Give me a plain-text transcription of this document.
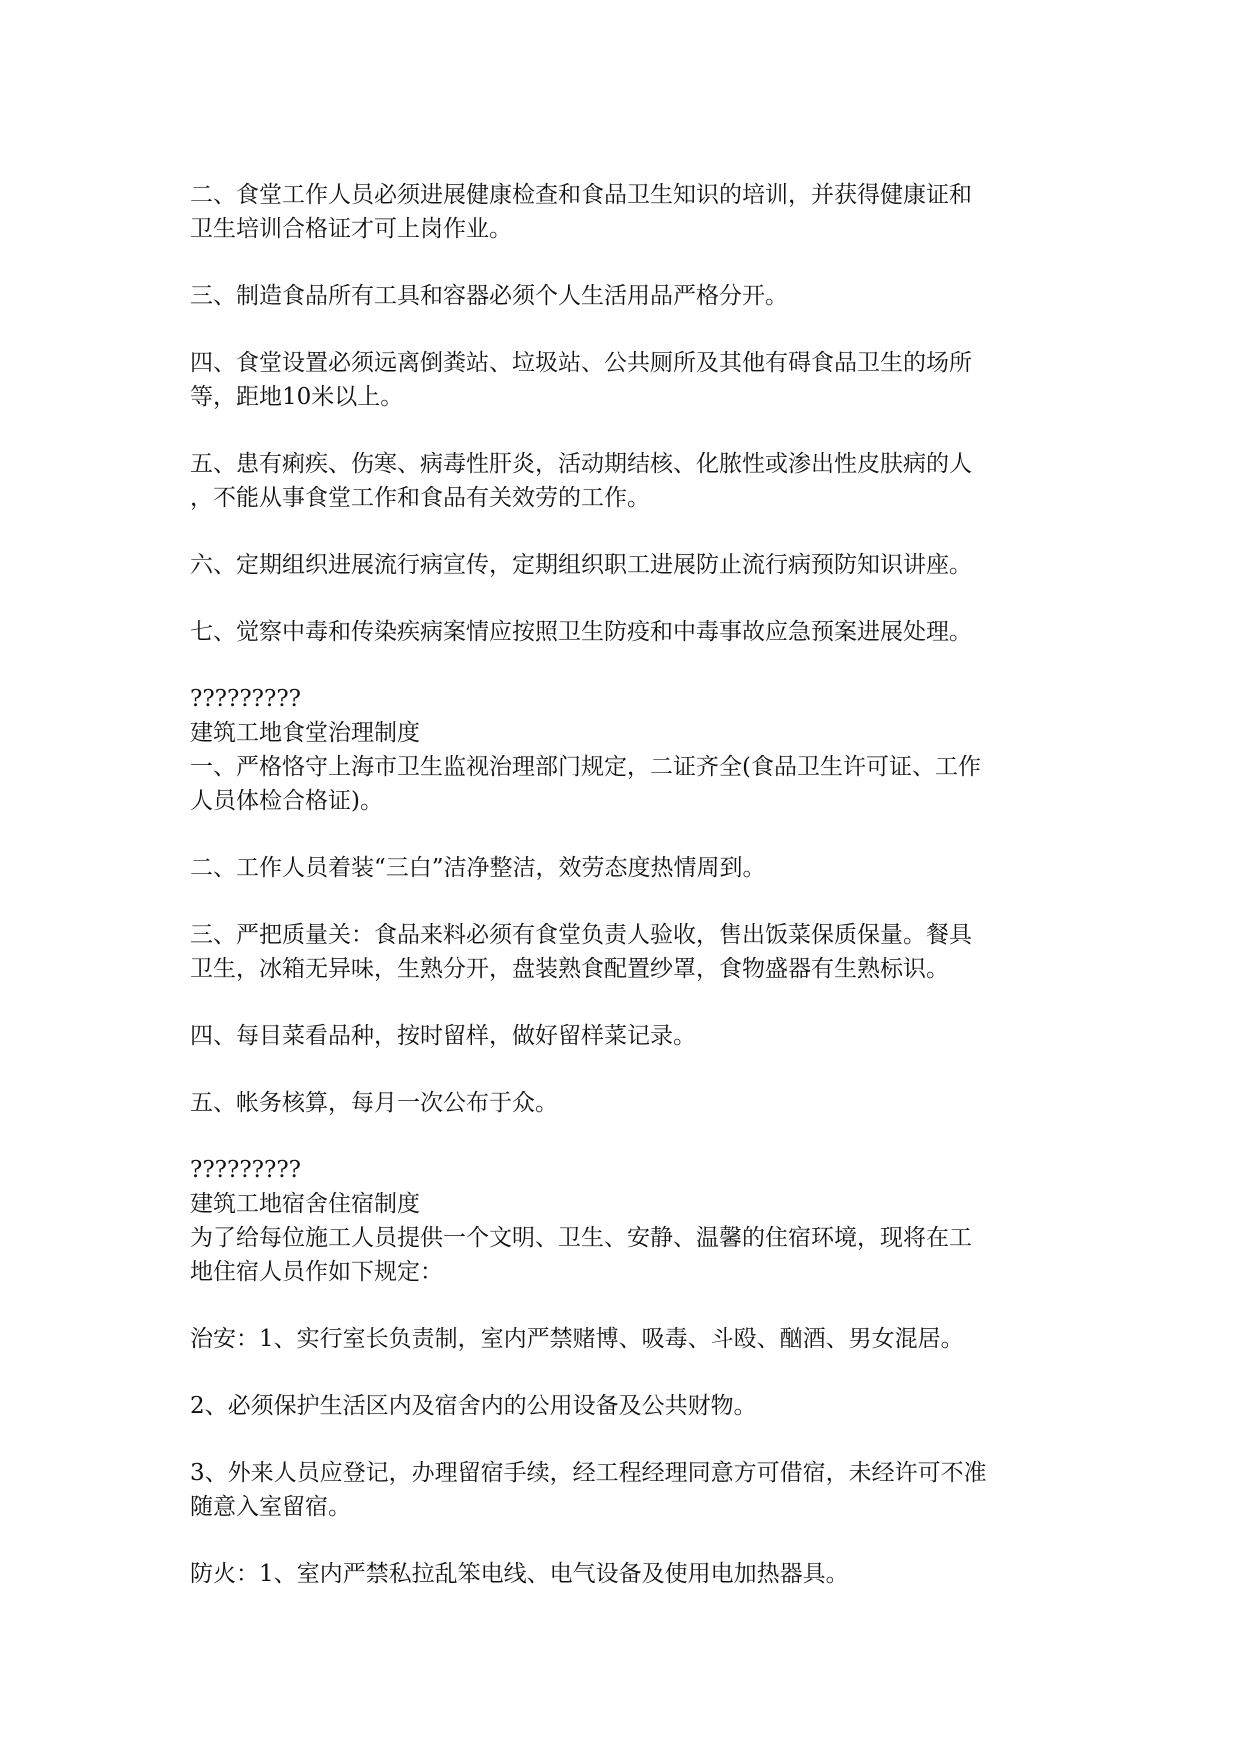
二、食堂工作人员必须进展健康检查和食品卫生知识的培训，并获得健康证和

卫生培训合格证才可上岗作业。

三、制造食品所有工具和容器必须个人生活用品严格分开。

四、食堂设置必须远离倒粪站、垃圾站、公共厕所及其他有碍食品卫生的场所

等，距地10米以上。

五、患有痢疾、伤寒、病毒性肝炎，活动期结核、化脓性或渗出性皮肤病的人

，不能从事食堂工作和食品有关效劳的工作。

六、定期组织进展流行病宣传，定期组织职工进展防止流行病预防知识讲座。

七、觉察中毒和传染疾病案情应按照卫生防疫和中毒事故应急预案进展处理。

?????????

建筑工地食堂治理制度

一、严格恪守上海市卫生监视治理部门规定，二证齐全(食品卫生许可证、工作

人员体检合格证)。

二、工作人员着装“三白”洁净整洁，效劳态度热情周到。

三、严把质量关：食品来料必须有食堂负责人验收，售出饭菜保质保量。餐具

卫生，冰箱无异味，生熟分开，盘装熟食配置纱罩，食物盛器有生熟标识。

四、每目菜看品种，按时留样，做好留样菜记录。

五、帐务核算，每月一次公布于众。

?????????

建筑工地宿舍住宿制度

为了给每位施工人员提供一个文明、卫生、安静、温馨的住宿环境，现将在工

地住宿人员作如下规定：

治安：1、实行室长负责制，室内严禁赌博、吸毒、斗殴、酗酒、男女混居。

2、必须保护生活区内及宿舍内的公用设备及公共财物。

3、外来人员应登记，办理留宿手续，经工程经理同意方可借宿，未经许可不准

随意入室留宿。

防火：1、室内严禁私拉乱笨电线、电气设备及使用电加热器具。
